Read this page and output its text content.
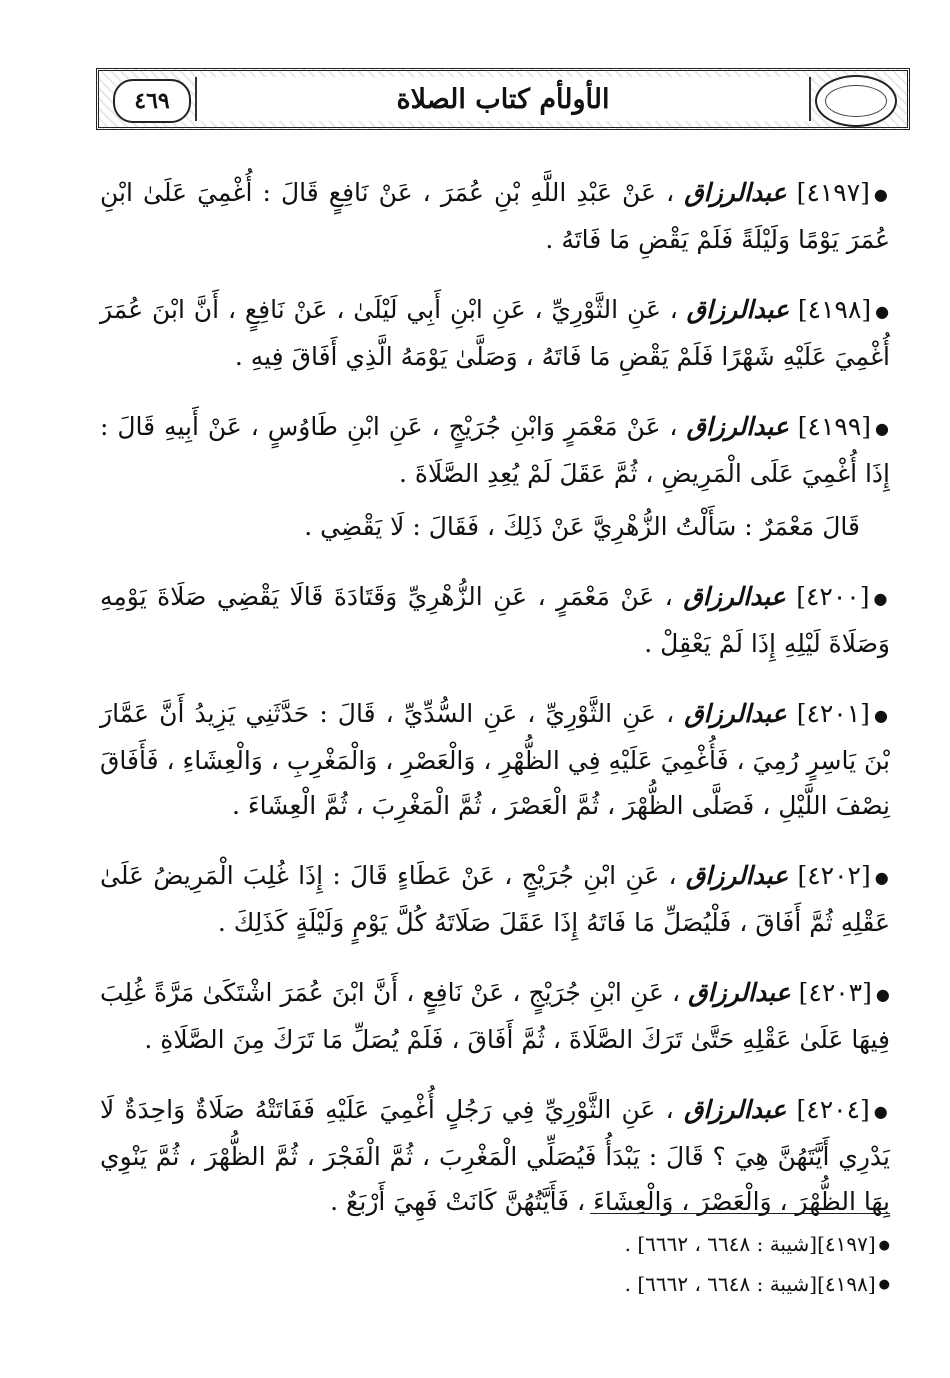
الأولأم كتاب الصلاة
٤٦٩

●[٤١٩٧] عبدالرزاق ، عَنْ عَبْدِ اللَّهِ بْنِ عُمَرَ ، عَنْ نَافِعٍ قَالَ : أُغْمِيَ عَلَىٰ ابْنِ عُمَرَ يَوْمًا وَلَيْلَةً فَلَمْ يَقْضِ مَا فَاتَهُ .

●[٤١٩٨] عبدالرزاق ، عَنِ الثَّوْرِيِّ ، عَنِ ابْنِ أَبِي لَيْلَىٰ ، عَنْ نَافِعٍ ، أَنَّ ابْنَ عُمَرَ أُغْمِيَ عَلَيْهِ شَهْرًا فَلَمْ يَقْضِ مَا فَاتَهُ ، وَصَلَّىٰ يَوْمَهُ الَّذِي أَفَاقَ فِيهِ .

●[٤١٩٩] عبدالرزاق ، عَنْ مَعْمَرٍ وَابْنِ جُرَيْجٍ ، عَنِ ابْنِ طَاوُسٍ ، عَنْ أَبِيهِ قَالَ : إِذَا أُغْمِيَ عَلَى الْمَرِيضِ ، ثُمَّ عَقَلَ لَمْ يُعِدِ الصَّلَاةَ .

قَالَ مَعْمَرٌ : سَأَلْتُ الزُّهْرِيَّ عَنْ ذَلِكَ ، فَقَالَ : لَا يَقْضِي .

●[٤٢٠٠] عبدالرزاق ، عَنْ مَعْمَرٍ ، عَنِ الزُّهْرِيِّ وَقَتَادَةَ قَالَا يَقْضِي صَلَاةَ يَوْمِهِ وَصَلَاةَ لَيْلِهِ إِذَا لَمْ يَعْقِلْ .

●[٤٢٠١] عبدالرزاق ، عَنِ الثَّوْرِيِّ ، عَنِ السُّدِّيِّ ، قَالَ : حَدَّثَنِي يَزِيدُ أَنَّ عَمَّارَ بْنَ يَاسِرٍ رُمِيَ ، فَأُغْمِيَ عَلَيْهِ فِي الظُّهْرِ ، وَالْعَصْرِ ، وَالْمَغْرِبِ ، وَالْعِشَاءِ ، فَأَفَاقَ نِصْفَ اللَّيْلِ ، فَصَلَّى الظُّهْرَ ، ثُمَّ الْعَصْرَ ، ثُمَّ الْمَغْرِبَ ، ثُمَّ الْعِشَاءَ .

●[٤٢٠٢] عبدالرزاق ، عَنِ ابْنِ جُرَيْجٍ ، عَنْ عَطَاءٍ قَالَ : إِذَا غُلِبَ الْمَرِيضُ عَلَىٰ عَقْلِهِ ثُمَّ أَفَاقَ ، فَلْيُصَلِّ مَا فَاتَهُ إِذَا عَقَلَ صَلَاتَهُ كُلَّ يَوْمٍ وَلَيْلَةٍ كَذَلِكَ .

●[٤٢٠٣] عبدالرزاق ، عَنِ ابْنِ جُرَيْجٍ ، عَنْ نَافِعٍ ، أَنَّ ابْنَ عُمَرَ اشْتَكَىٰ مَرَّةً غُلِبَ فِيهَا عَلَىٰ عَقْلِهِ حَتَّىٰ تَرَكَ الصَّلَاةَ ، ثُمَّ أَفَاقَ ، فَلَمْ يُصَلِّ مَا تَرَكَ مِنَ الصَّلَاةِ .

●[٤٢٠٤] عبدالرزاق ، عَنِ الثَّوْرِيِّ فِي رَجُلٍ أُغْمِيَ عَلَيْهِ فَفَاتَتْهُ صَلَاةٌ وَاحِدَةٌ لَا يَدْرِي أَيَّتَهُنَّ هِيَ ؟ قَالَ : يَبْدَأُ فَيُصَلِّي الْمَغْرِبَ ، ثُمَّ الْفَجْرَ ، ثُمَّ الظُّهْرَ ، ثُمَّ يَنْوِي بِهَا الظُّهْرَ ، وَالْعَصْرَ ، وَالْعِشَاءَ ، فَأَيَّتُهُنَّ كَانَتْ فَهِيَ أَرْبَعٌ .

●[٤١٩٧][شيبة : ٦٦٤٨ ، ٦٦٦٢] .
●[٤١٩٨][شيبة : ٦٦٤٨ ، ٦٦٦٢] .
